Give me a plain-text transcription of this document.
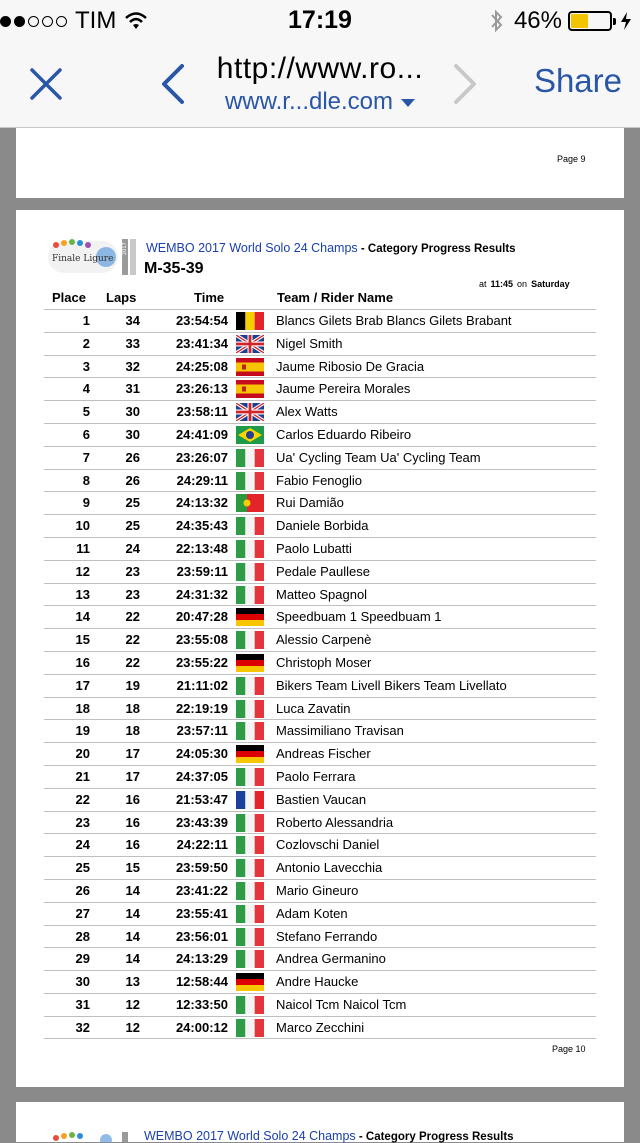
TIM	17:19	46%
http://www.ro...
www.r...dle.com
Share
Page 9
Finale Ligure
2017 WEMBO 2017 World Solo 24 Champs - Category Progress Results
M-35-39
at 11:45 on Saturday
Place Laps	Time	Team / Rider Name
1	34	23:54:54	Blancs Gilets Brab Blancs Gilets Brabant
2	33	23:41:34	Nigel Smith
3	32	24:25:08	Jaume Ribosio De Gracia
4	31	23:26:13	Jaume Pereira Morales
5	30	23:58:11	Alex Watts
6	30	24:41:09	Carlos Eduardo Ribeiro
7	26	23:26:07	Ua' Cycling Team Ua' Cycling Team
8	26	24:29:11	Fabio Fenoglio
9	25	24:13:32	Rui Damião
10	25	24:35:43	Daniele Borbida
11	24	22:13:48	Paolo Lubatti
12	23	23:59:11	Pedale Paullese
13	23	24:31:32	Matteo Spagnol
14	22	20:47:28	Speedbuam 1 Speedbuam 1
15	22	23:55:08	Alessio Carpenè
16	22	23:55:22	Christoph Moser
17	19	21:11:02	Bikers Team Livell Bikers Team Livellato
18	18	22:19:19	Luca Zavatin
19	18	23:57:11	Massimiliano Travisan
20	17	24:05:30	Andreas Fischer
21	17	24:37:05	Paolo Ferrara
22	16	21:53:47	Bastien Vaucan
23	16	23:43:39	Roberto Alessandria
24	16	24:22:11	Cozlovschi Daniel
25	15	23:59:50	Antonio Lavecchia
26	14	23:41:22	Mario Gineuro
27	14	23:55:41	Adam Koten
28	14	23:56:01	Stefano Ferrando
29	14	24:13:29	Andrea Germanino
30	13	12:58:44	Andre Haucke
31	12	12:33:50	Naicol Tcm Naicol Tcm
32	12	24:00:12	Marco Zecchini
Page 10
WEMBO 2017 World Solo 24 Champs - Category Progress Results
